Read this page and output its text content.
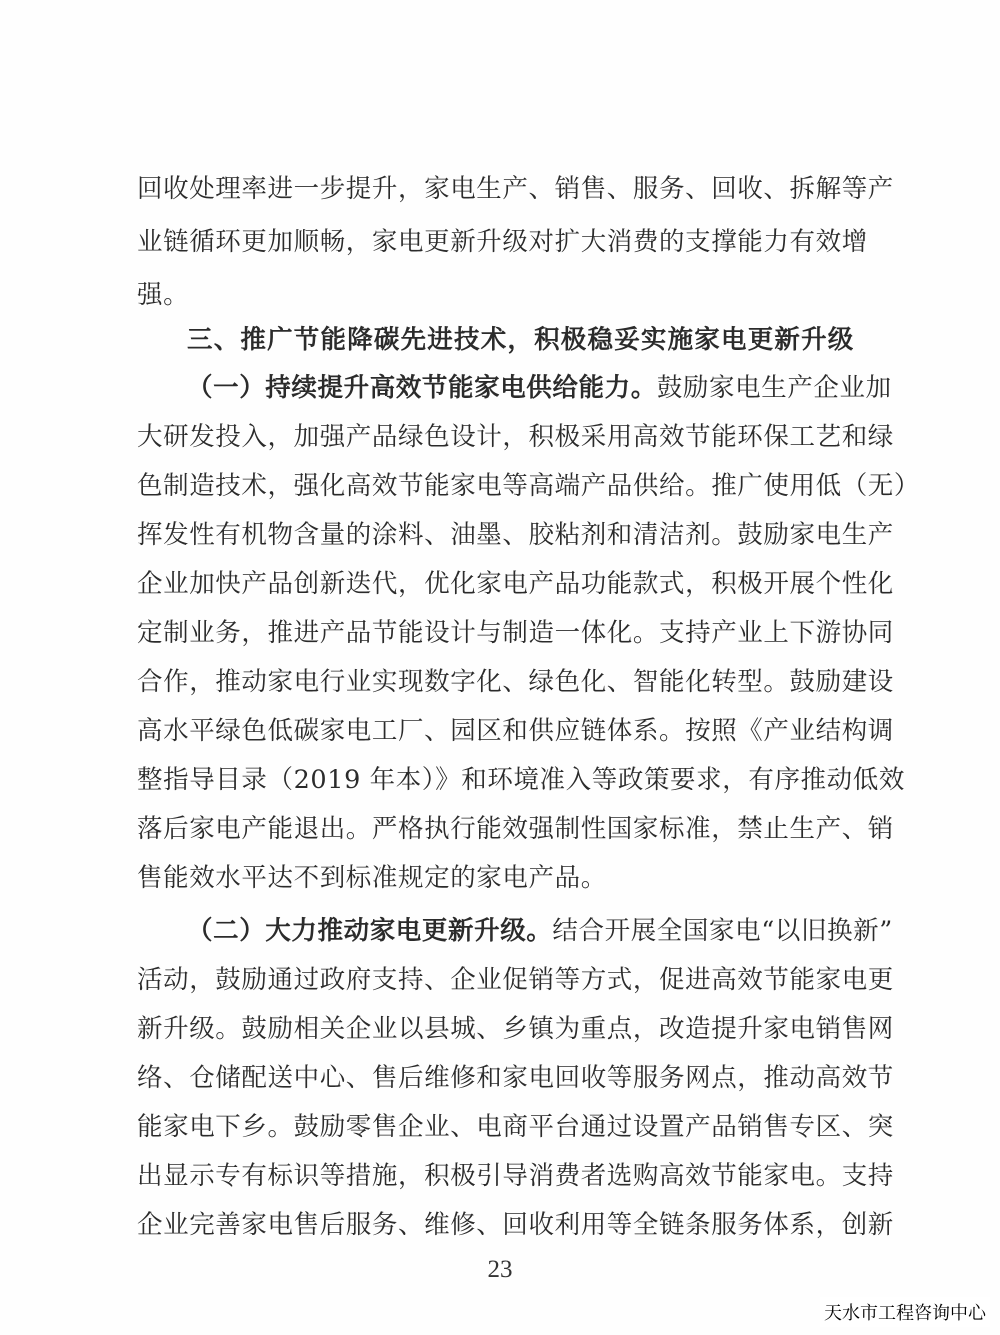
回收处理率进一步提升，家电生产、销售、服务、回收、拆解等产
业链循环更加顺畅，家电更新升级对扩大消费的支撑能力有效增
强。
三、推广节能降碳先进技术，积极稳妥实施家电更新升级
（一）持续提升高效节能家电供给能力。鼓励家电生产企业加
大研发投入，加强产品绿色设计，积极采用高效节能环保工艺和绿
色制造技术，强化高效节能家电等高端产品供给。推广使用低（无）
挥发性有机物含量的涂料、油墨、胶粘剂和清洁剂。鼓励家电生产
企业加快产品创新迭代，优化家电产品功能款式，积极开展个性化
定制业务，推进产品节能设计与制造一体化。支持产业上下游协同
合作，推动家电行业实现数字化、绿色化、智能化转型。鼓励建设
高水平绿色低碳家电工厂、园区和供应链体系。按照《产业结构调
整指导目录（2019 年本）》和环境准入等政策要求，有序推动低效
落后家电产能退出。严格执行能效强制性国家标准，禁止生产、销
售能效水平达不到标准规定的家电产品。
（二）大力推动家电更新升级。结合开展全国家电“以旧换新”
活动，鼓励通过政府支持、企业促销等方式，促进高效节能家电更
新升级。鼓励相关企业以县城、乡镇为重点，改造提升家电销售网
络、仓储配送中心、售后维修和家电回收等服务网点，推动高效节
能家电下乡。鼓励零售企业、电商平台通过设置产品销售专区、突
出显示专有标识等措施，积极引导消费者选购高效节能家电。支持
企业完善家电售后服务、维修、回收利用等全链条服务体系，创新
23
天水市工程咨询中心
